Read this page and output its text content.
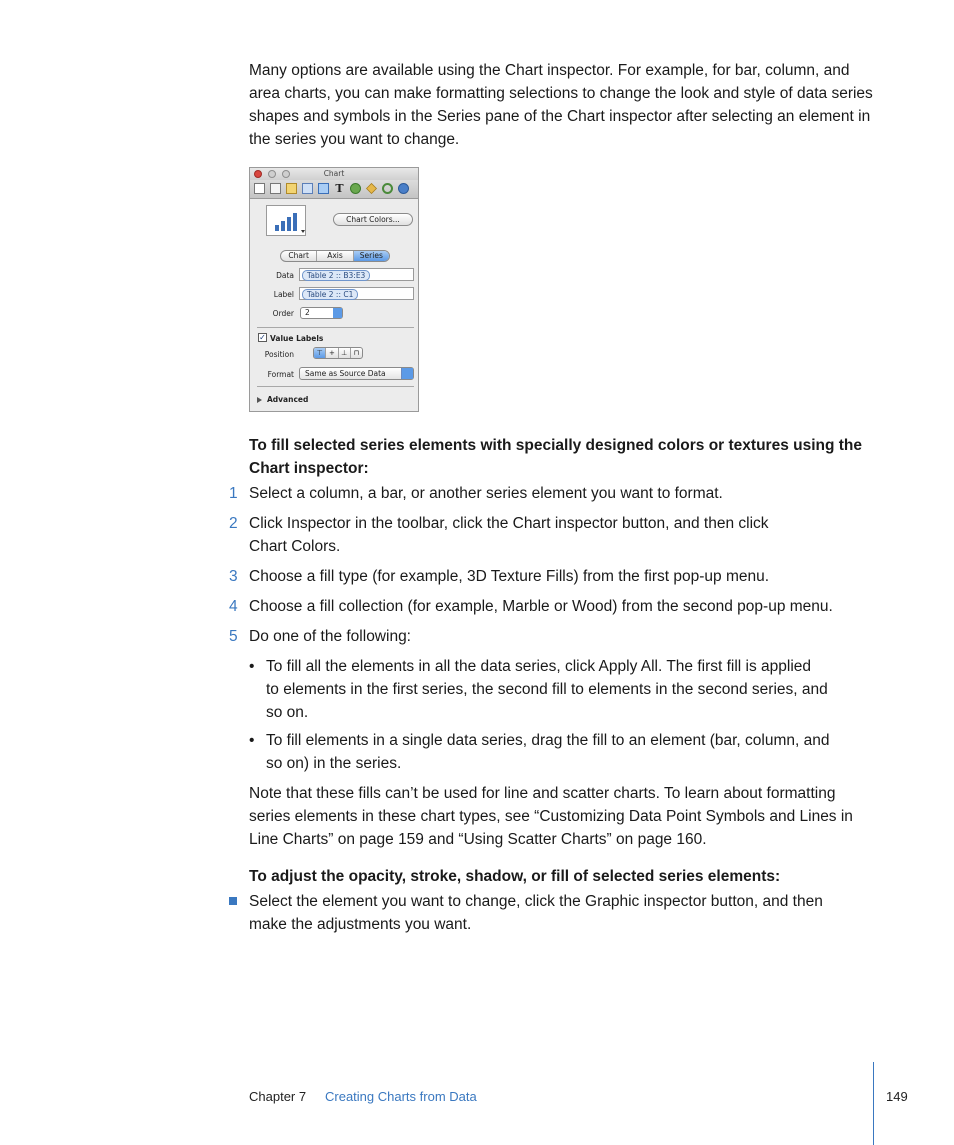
Many options are available using the Chart inspector. For example, for bar, column, and area charts, you can make formatting selections to change the look and style of data series shapes and symbols in the Series pane of the Chart inspector after selecting an element in the series you want to change.

Chart
T
Chart Colors...
Chart	Axis	Series
Data	Table 2 :: B3:E3
Label	Table 2 :: C1
Order 2
✓ Value Labels
Position	⊤ + ⊥ ⊓
Format Same as Source Data
Advanced

To fill selected series elements with specially designed colors or textures using the Chart inspector:

1 Select a column, a bar, or another series element you want to format.
2 Click Inspector in the toolbar, click the Chart inspector button, and then click
Chart Colors.
3 Choose a fill type (for example, 3D Texture Fills) from the first pop-up menu.
4 Choose a fill collection (for example, Marble or Wood) from the second pop-up menu.
5 Do one of the following:
• To fill all the elements in all the data series, click Apply All. The first fill is applied
to elements in the first series, the second fill to elements in the second series, and
so on.
• To fill elements in a single data series, drag the fill to an element (bar, column, and
so on) in the series.
Note that these fills can’t be used for line and scatter charts. To learn about formatting
series elements in these chart types, see “Customizing Data Point Symbols and Lines in
Line Charts” on page 159 and “Using Scatter Charts” on page 160.

To adjust the opacity, stroke, shadow, or fill of selected series elements:

Select the element you want to change, click the Graphic inspector button, and then
make the adjustments you want.
Chapter 7 Creating Charts from Data	149
